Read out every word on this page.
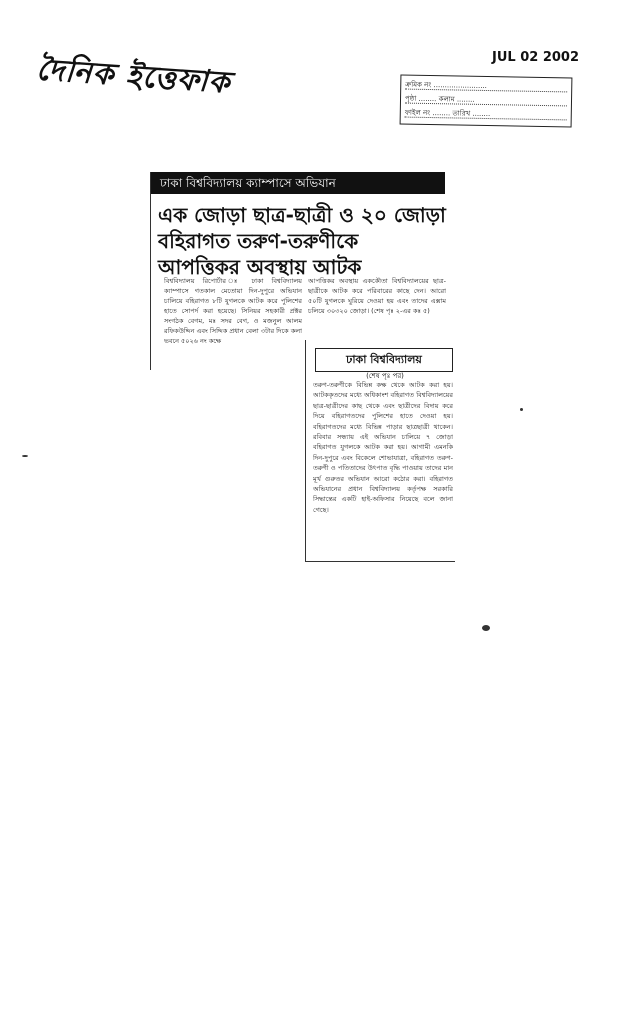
দৈনিক ইত্তেফাক	JUL 02 2002
ক্রমিক নং ........................
পৃষ্ঠা ........ কলাম ........
ফাইল নং ........ তারিখ ........
ঢাকা বিশ্ববিদ্যালয় ক্যাম্পাসে অভিযান
এক জোড়া ছাত্র-ছাত্রী ও ২০ জোড়া
বহিরাগত তরুণ-তরুণীকে
আপত্তিকর অবস্থায় আটক
বিশ্ববিদ্যালয় রিপোর্টার ঃ ঢাকা বিশ্ববিদ্যালয় ক্যাম্পাসে গতকাল মেতোয়া দিন-দুপুরে অভিযান চালিয়ে বহিরাগত ৮টি যুগলকে আটক করে পুলিশের হাতে সোপর্দ করা হয়েছে। সিনিয়র সহকারী প্রক্টর সংগঠক বেগম, মঃ সদর বেগ, ও মজনুল আলম রফিকউদ্দিন এবং সিদ্দিক প্রধান বেলা ৩টার দিকে কলা ভবনে ৫০২৬ নং কক্ষে
আপত্তিকর অবস্থায় এককৌতা বিশ্ববিদ্যালয়ের ছাত্র-ছাত্রীকে আটক করে পরিবারের কাছে দেন। আরো ৫০টি যুগলকে ঘুরিয়ে দেওয়া হয় এবং তাদের এক্সাম চলিয়ে ৩০৩২০ জোড়া। (শেষ পৃঃ ২-এর কঃ ৫)
ঢাকা বিশ্ববিদ্যালয়
(শেষ পৃঃ পর)
তরুণ-তরুণীকে বিভিন্ন কক্ষ থেকে আটক করা হয়। আটককৃতদের মধ্যে অধিকাংশ বহিরাগত বিশ্ববিদ্যালয়ের ছাত্র-ছাত্রীদের কাছ থেকে এবং ছাত্রীদের বিদায় করে দিয়ে বহিরাগতদের পুলিশের হাতে দেওয়া হয়। বহিরাগতদের মধ্যে বিভিন্ন পাড়ার ছাত্রছাত্রী থাকেন। রবিবার সন্ধ্যায় এই অভিযান চালিয়ে ৭ জোড়া বহিরাগত যুগলকে আটক করা হয়। আগামী এমনকি দিন-দুপুরে এবং বিকেলে শোভাযাত্রা, বহিরাগত তরুণ-তরুণী ও পতিতাদের উৎপাত বৃদ্ধি পাওয়ায় তাদের মান মূর্খ গুরুতর অভিযান আরো কঠোর করা। বহিরাগত অভিযানের প্রধান বিশ্ববিদ্যালয় কর্তৃপক্ষ সরকারি সিদ্ধান্তের একটি হাই-অফিসার নিয়েছে বলে জানা গেছে।
